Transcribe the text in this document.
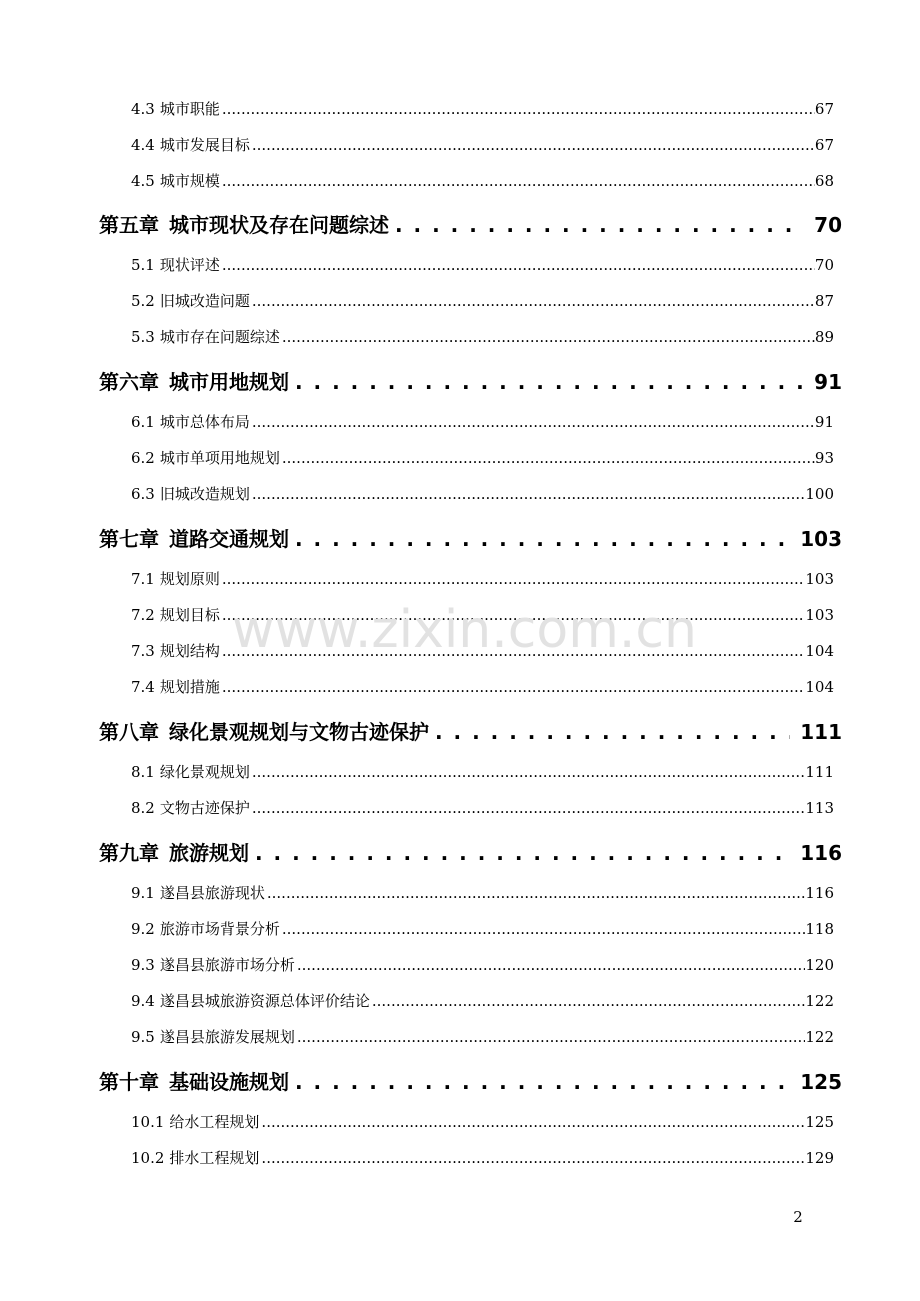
4.3 城市职能 .....	67
4.4 城市发展目标 .....	67
4.5 城市规模 .....	68
第五章 城市现状及存在问题综述 . . .	70
5.1 现状评述 .....	70
5.2 旧城改造问题 .....	87
5.3 城市存在问题综述 .....	89
第六章 城市用地规划 . . .	91
6.1 城市总体布局 .....	91
6.2 城市单项用地规划 .....	93
6.3 旧城改造规划 .....	100
第七章 道路交通规划 . . .	103
7.1 规划原则 .....	103
7.2 规划目标 .....	103
7.3 规划结构 .....	104
7.4 规划措施 .....	104
第八章 绿化景观规划与文物古迹保护 . . .	111
8.1 绿化景观规划 .....	111
8.2 文物古迹保护 .....	113
第九章 旅游规划 . . .	116
9.1 遂昌县旅游现状 .....	116
9.2 旅游市场背景分析 .....	118
9.3 遂昌县旅游市场分析 .....	120
9.4 遂昌县城旅游资源总体评价结论 .....	122
9.5 遂昌县旅游发展规划 .....	122
第十章 基础设施规划 . . .	125
10.1 给水工程规划 .....	125
10.2 排水工程规划 .....	129
www.zixin.com.cn
2
